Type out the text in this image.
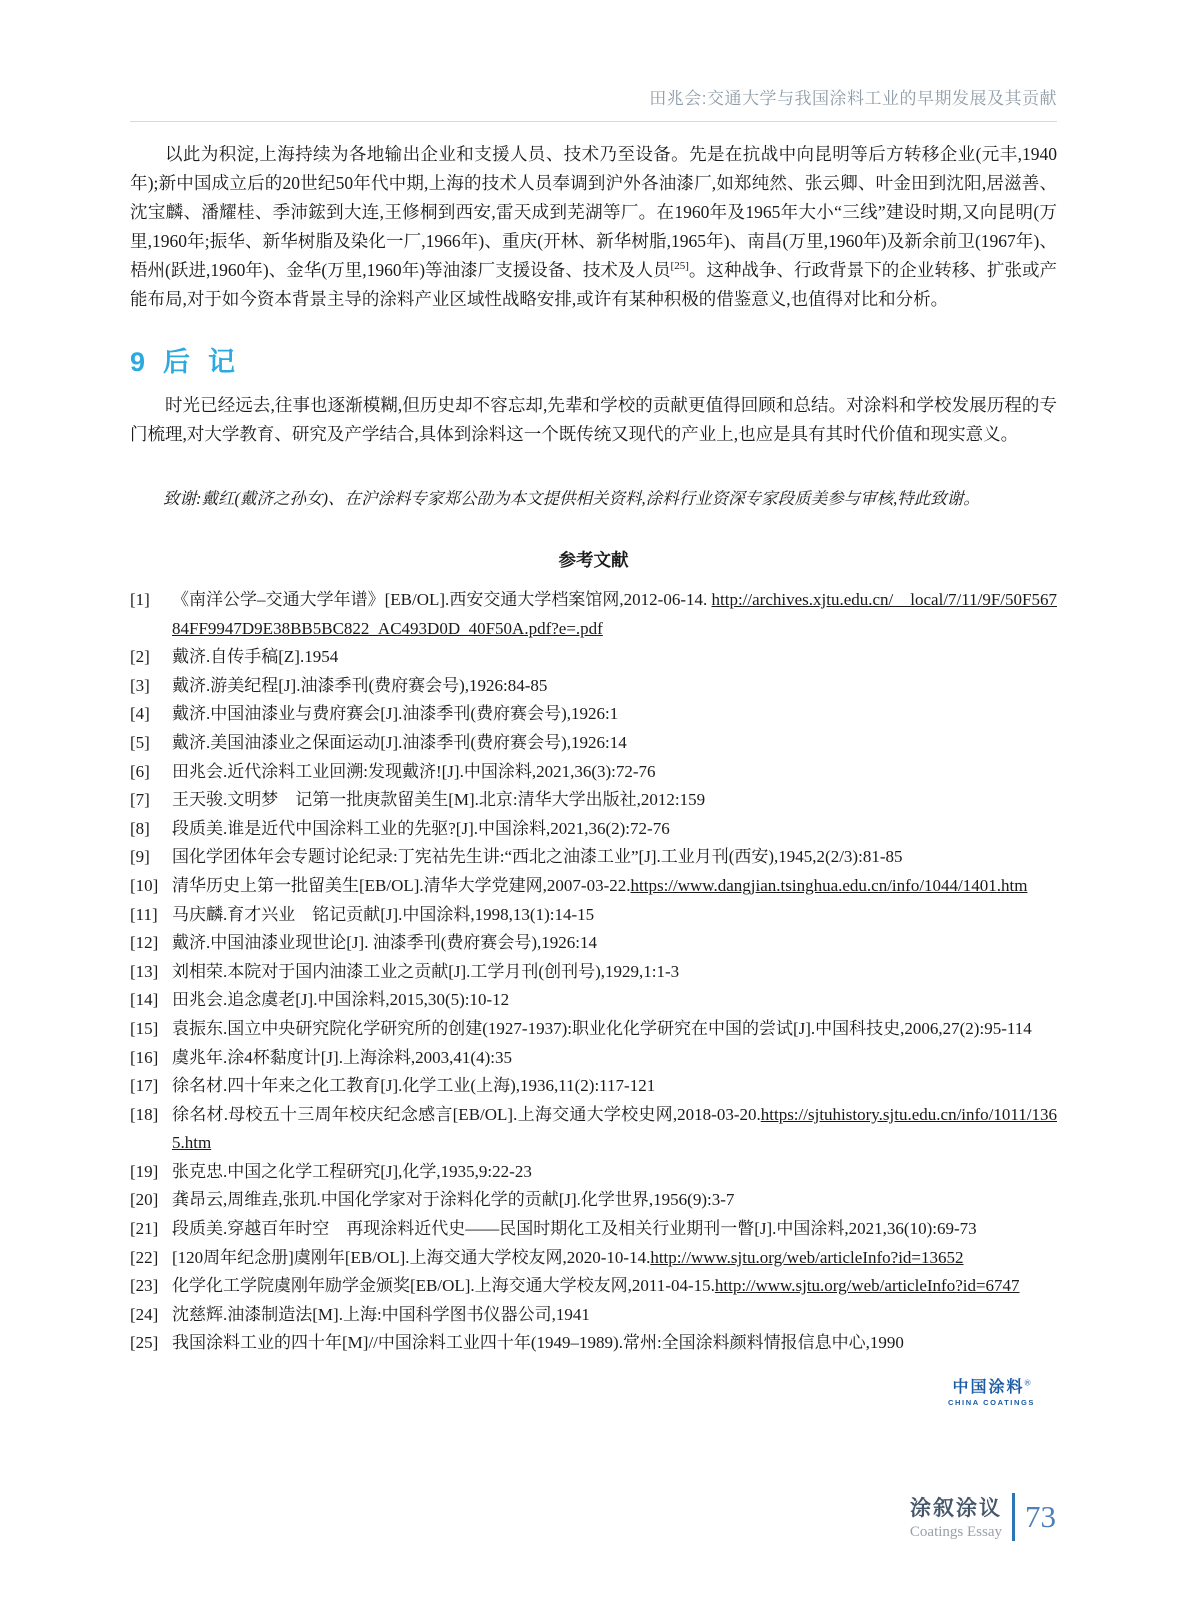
田兆会:交通大学与我国涂料工业的早期发展及其贡献

以此为积淀,上海持续为各地输出企业和支援人员、技术乃至设备。先是在抗战中向昆明等后方转移企业(元丰,1940年);新中国成立后的20世纪50年代中期,上海的技术人员奉调到沪外各油漆厂,如郑纯然、张云卿、叶金田到沈阳,居滋善、沈宝麟、潘耀桂、季沛鋐到大连,王修桐到西安,雷天成到芜湖等厂。在1960年及1965年大小“三线”建设时期,又向昆明(万里,1960年;振华、新华树脂及染化一厂,1966年)、重庆(开林、新华树脂,1965年)、南昌(万里,1960年)及新余前卫(1967年)、梧州(跃进,1960年)、金华(万里,1960年)等油漆厂支援设备、技术及人员[25]。这种战争、行政背景下的企业转移、扩张或产能布局,对于如今资本背景主导的涂料产业区域性战略安排,或许有某种积极的借鉴意义,也值得对比和分析。

9  后  记

时光已经远去,往事也逐渐模糊,但历史却不容忘却,先辈和学校的贡献更值得回顾和总结。对涂料和学校发展历程的专门梳理,对大学教育、研究及产学结合,具体到涂料这一个既传统又现代的产业上,也应是具有其时代价值和现实意义。

致谢:戴红(戴济之孙女)、在沪涂料专家郑公劭为本文提供相关资料,涂料行业资深专家段质美参与审核,特此致谢。

参考文献
[1]	《南洋公学–交通大学年谱》[EB/OL].西安交通大学档案馆网,2012-06-14. http://archives.xjtu.edu.cn/__local/7/11/9F/50F56784FF9947D9E38BB5BC822_AC493D0D_40F50A.pdf?e=.pdf
[2]	戴济.自传手稿[Z].1954
[3]	戴济.游美纪程[J].油漆季刊(费府赛会号),1926:84-85
[4]	戴济.中国油漆业与费府赛会[J].油漆季刊(费府赛会号),1926:1
[5]	戴济.美国油漆业之保面运动[J].油漆季刊(费府赛会号),1926:14
[6]	田兆会.近代涂料工业回溯:发现戴济![J].中国涂料,2021,36(3):72-76
[7]	王天骏.文明梦　记第一批庚款留美生[M].北京:清华大学出版社,2012:159
[8]	段质美.谁是近代中国涂料工业的先驱?[J].中国涂料,2021,36(2):72-76
[9]	国化学团体年会专题讨论纪录:丁宪祜先生讲:“西北之油漆工业”[J].工业月刊(西安),1945,2(2/3):81-85
[10] 清华历史上第一批留美生[EB/OL].清华大学党建网,2007-03-22.https://www.dangjian.tsinghua.edu.cn/info/1044/1401.htm
[11] 马庆麟.育才兴业　铭记贡献[J].中国涂料,1998,13(1):14-15
[12] 戴济.中国油漆业现世论[J]. 油漆季刊(费府赛会号),1926:14
[13] 刘相荣.本院对于国内油漆工业之贡献[J].工学月刊(创刊号),1929,1:1-3
[14] 田兆会.追念虞老[J].中国涂料,2015,30(5):10-12
[15] 袁振东.国立中央研究院化学研究所的创建(1927-1937):职业化化学研究在中国的尝试[J].中国科技史,2006,27(2):95-114
[16] 虞兆年.涂4杯黏度计[J].上海涂料,2003,41(4):35
[17] 徐名材.四十年来之化工教育[J].化学工业(上海),1936,11(2):117-121
[18] 徐名材.母校五十三周年校庆纪念感言[EB/OL].上海交通大学校史网,2018-03-20.https://sjtuhistory.sjtu.edu.cn/info/1011/1365.htm
[19] 张克忠.中国之化学工程研究[J],化学,1935,9:22-23
[20] 龚昂云,周维垚,张玑.中国化学家对于涂料化学的贡献[J].化学世界,1956(9):3-7
[21] 段质美.穿越百年时空　再现涂料近代史——民国时期化工及相关行业期刊一瞥[J].中国涂料,2021,36(10):69-73
[22] [120周年纪念册]虞刚年[EB/OL].上海交通大学校友网,2020-10-14.http://www.sjtu.org/web/articleInfo?id=13652
[23] 化学化工学院虞刚年励学金颁奖[EB/OL].上海交通大学校友网,2011-04-15.http://www.sjtu.org/web/articleInfo?id=6747
[24] 沈慈辉.油漆制造法[M].上海:中国科学图书仪器公司,1941
[25] 我国涂料工业的四十年[M]//中国涂料工业四十年(1949–1989).常州:全国涂料颜料情报信息中心,1990
中国涂料®
CHINA COATINGS
涂叙涂议
Coatings Essay 73
